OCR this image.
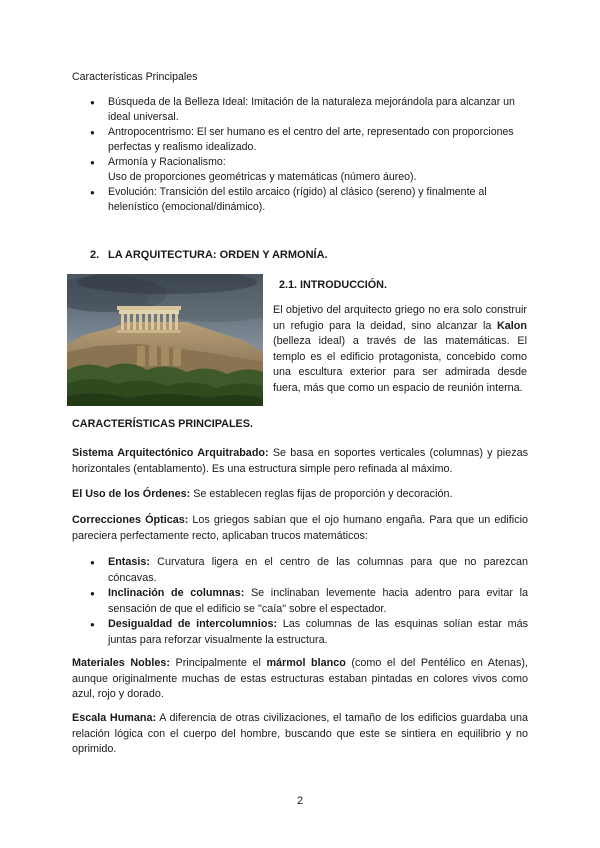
Características Principales
● Búsqueda de la Belleza Ideal: Imitación de la naturaleza mejorándola para alcanzar un ideal universal.
● Antropocentrismo: El ser humano es el centro del arte, representado con proporciones perfectas y realismo idealizado.
● Armonía y Racionalismo:
Uso de proporciones geométricas y matemáticas (número áureo).
● Evolución: Transición del estilo arcaico (rígido) al clásico (sereno) y finalmente al helenístico (emocional/dinámico).
2. LA ARQUITECTURA: ORDEN Y ARMONÍA.
2.1. INTRODUCCIÓN.
El objetivo del arquitecto griego no era solo construir un refugio para la deidad, sino alcanzar la Kalon (belleza ideal) a través de las matemáticas. El templo es el edificio protagonista, concebido como una escultura exterior para ser admirada desde fuera, más que como un espacio de reunión interna.
CARACTERÍSTICAS PRINCIPALES.
Sistema Arquitectónico Arquitrabado: Se basa en soportes verticales (columnas) y piezas horizontales (entablamento). Es una estructura simple pero refinada al máximo.
El Uso de los Órdenes: Se establecen reglas fijas de proporción y decoración.
Correcciones Ópticas: Los griegos sabían que el ojo humano engaña. Para que un edificio pareciera perfectamente recto, aplicaban trucos matemáticos:
● Entasis: Curvatura ligera en el centro de las columnas para que no parezcan cóncavas.
● Inclinación de columnas: Se inclinaban levemente hacia adentro para evitar la sensación de que el edificio se "caía" sobre el espectador.
● Desigualdad de intercolumnios: Las columnas de las esquinas solían estar más juntas para reforzar visualmente la estructura.
Materiales Nobles: Principalmente el mármol blanco (como el del Pentélico en Atenas), aunque originalmente muchas de estas estructuras estaban pintadas en colores vivos como azul, rojo y dorado.
Escala Humana: A diferencia de otras civilizaciones, el tamaño de los edificios guardaba una relación lógica con el cuerpo del hombre, buscando que este se sintiera en equilibrio y no oprimido.
2
